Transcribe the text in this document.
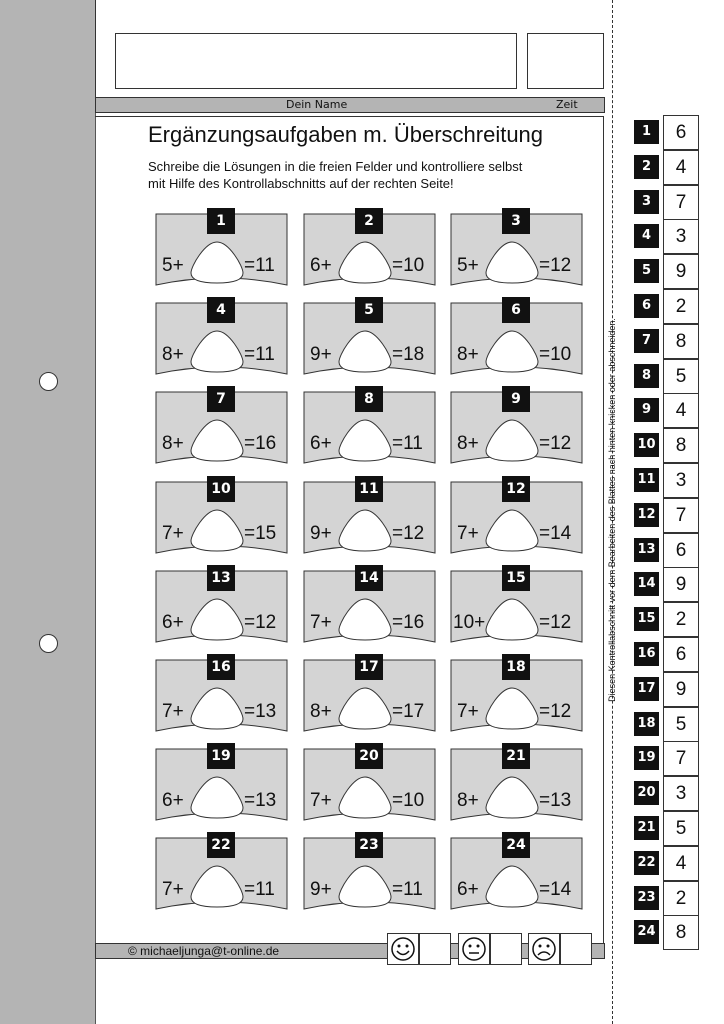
Dein Name	Zeit
Ergänzungsaufgaben m. Überschreitung
Schreibe die Lösungen in die freien Felder und kontrolliere selbst
mit Hilfe des Kontrollabschnitts auf der rechten Seite!
1
5+	=11
2
6+	=10
3
5+	=12
4
8+	=11
5
9+	=18
6
8+	=10
7
8+	=16
8
6+	=11
9
8+	=12
10
7+	=15
11
9+	=12
12
7+	=14
13
6+	=12
14
7+	=16
15
10+	=12
16
7+	=13
17
8+	=17
18
7+	=12
19
6+	=13
20
7+	=10
21
8+	=13
22
7+	=11
23
9+	=11
24
6+	=14
Diesen Kontrollabschnitt vor dem Bearbeiten des Blattes nach hinten knicken oder abschneiden.
1	6
2	4
3	7
4	3
5	9
6	2
7	8
8	5
9	4
10	8
11	3
12	7
13	6
14	9
15	2
16	6
17	9
18	5
19	7
20	3
21	5
22	4
23	2
24	8
© michaeljunga@t-online.de
